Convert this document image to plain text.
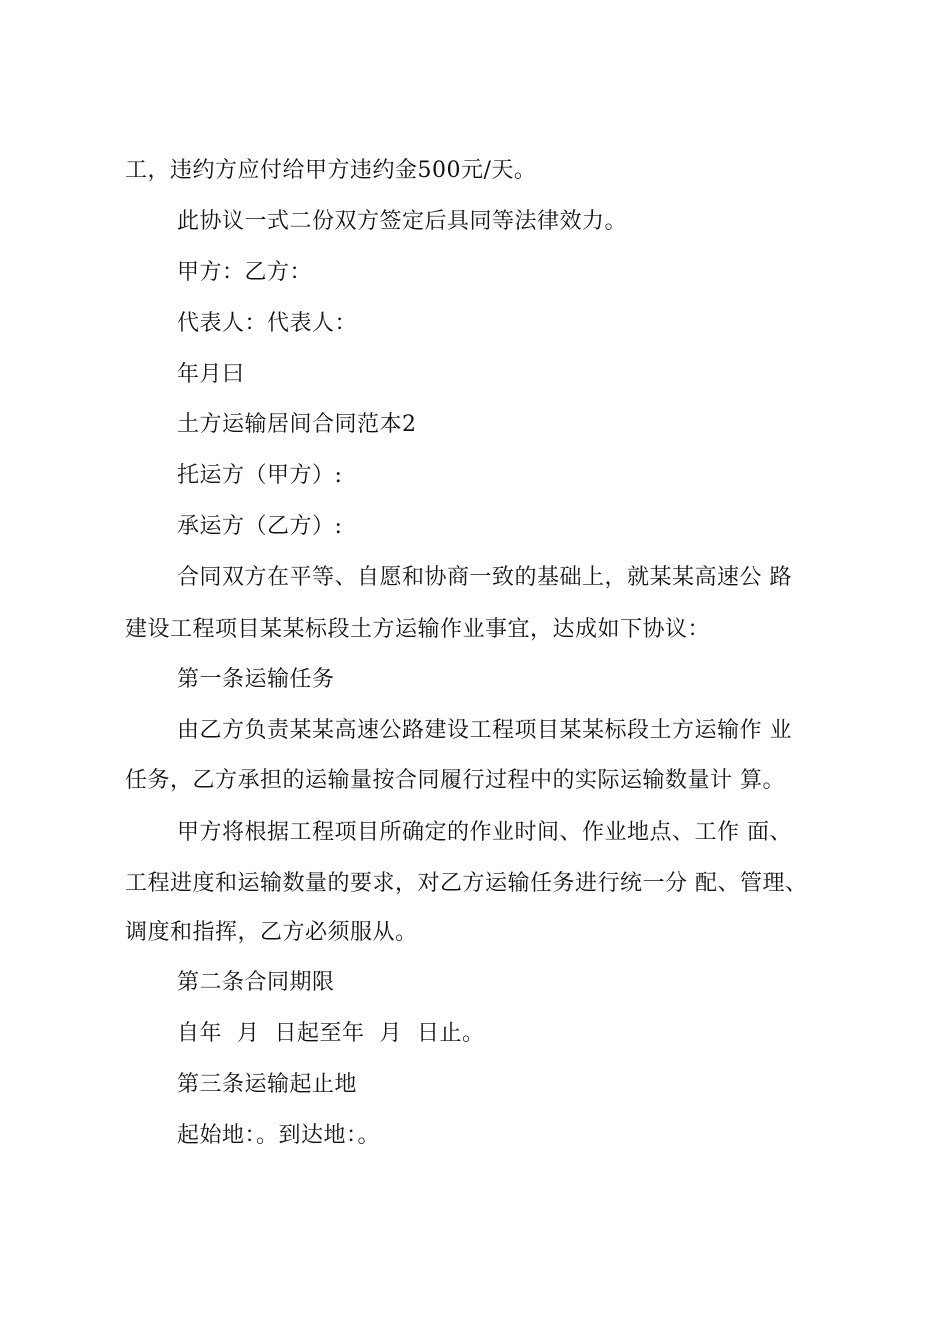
工，违约方应付给甲方违约金500元/天。
此协议一式二份双方签定后具同等法律效力。
甲方：乙方：
代表人：代表人：
年月曰
土方运输居间合同范本2
托运方（甲方）:
承运方（乙方）:
合同双方在平等、自愿和协商一致的基础上，就某某高速公 路
建设工程项目某某标段土方运输作业事宜，达成如下协议：
第一条运输任务
由乙方负责某某高速公路建设工程项目某某标段土方运输作 业
任务，乙方承担的运输量按合同履行过程中的实际运输数量计 算。
甲方将根据工程项目所确定的作业时间、作业地点、工作 面、
工程进度和运输数量的要求，对乙方运输任务进行统一分 配、管理、
调度和指挥，乙方必须服从。
第二条合同期限
自年  月  日起至年  月  日止。
第三条运输起止地
起始地：。到达地：。
